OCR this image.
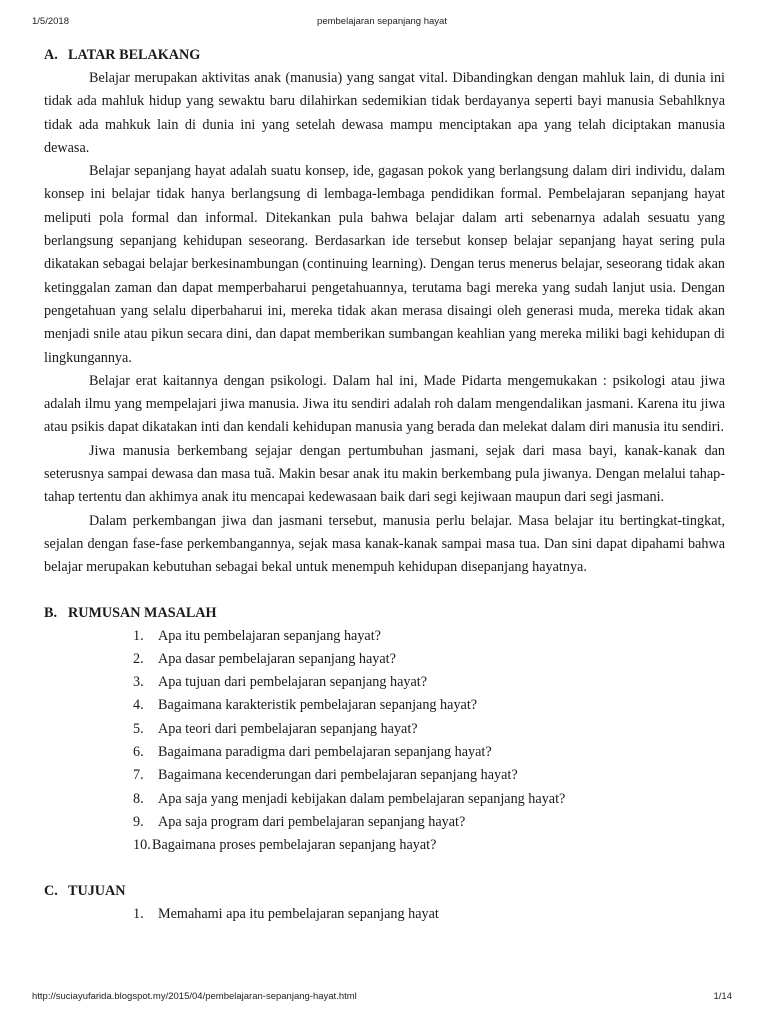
1/5/2018	pembelajaran sepanjang hayat
A. LATAR BELAKANG

Belajar merupakan aktivitas anak (manusia) yang sangat vital. Dibandingkan dengan mahluk lain, di dunia ini tidak ada mahluk hidup yang sewaktu baru dilahirkan sedemikian tidak berdayanya seperti bayi manusia Sebahlknya tidak ada mahkuk lain di dunia ini yang setelah dewasa mampu menciptakan apa yang telah diciptakan manusia dewasa.

Belajar sepanjang hayat adalah suatu konsep, ide, gagasan pokok yang berlangsung dalam diri individu, dalam konsep ini belajar tidak hanya berlangsung di lembaga-lembaga pendidikan formal. Pembelajaran sepanjang hayat meliputi pola formal dan informal. Ditekankan pula bahwa belajar dalam arti sebenarnya adalah sesuatu yang berlangsung sepanjang kehidupan seseorang. Berdasarkan ide tersebut konsep belajar sepanjang hayat sering pula dikatakan sebagai belajar berkesinambungan (continuing learning). Dengan terus menerus belajar, seseorang tidak akan ketinggalan zaman dan dapat memperbaharui pengetahuannya, terutama bagi mereka yang sudah lanjut usia. Dengan pengetahuan yang selalu diperbaharui ini, mereka tidak akan merasa disaingi oleh generasi muda, mereka tidak akan menjadi snile atau pikun secara dini, dan dapat memberikan sumbangan keahlian yang mereka miliki bagi kehidupan di lingkungannya.

Belajar erat kaitannya dengan psikologi. Dalam hal ini, Made Pidarta mengemukakan : psikologi atau jiwa adalah ilmu yang mempelajari jiwa manusia. Jiwa itu sendiri adalah roh dalam mengendalikan jasmani. Karena itu jiwa atau psikis dapat dikatakan inti dan kendali kehidupan manusia yang berada dan melekat dalam diri manusia itu sendiri.

Jiwa manusia berkembang sejajar dengan pertumbuhan jasmani, sejak dari masa bayi, kanak-kanak dan seterusnya sampai dewasa dan masa tuã. Makin besar anak itu makin berkembang pula jiwanya. Dengan melalui tahap-tahap tertentu dan akhimya anak itu mencapai kedewasaan baik dari segi kejiwaan maupun dari segi jasmani.

Dalam perkembangan jiwa dan jasmani tersebut, manusia perlu belajar. Masa belajar itu bertingkat-tingkat, sejalan dengan fase-fase perkembangannya, sejak masa kanak-kanak sampai masa tua. Dan sini dapat dipahami bahwa belajar merupakan kebutuhan sebagai bekal untuk menempuh kehidupan disepanjang hayatnya.

B. RUMUSAN MASALAH
1.	Apa itu pembelajaran sepanjang hayat?
2.	Apa dasar pembelajaran sepanjang hayat?
3.	Apa tujuan dari pembelajaran sepanjang hayat?
4.	Bagaimana karakteristik pembelajaran sepanjang hayat?
5.	Apa teori dari pembelajaran sepanjang hayat?
6.	Bagaimana paradigma dari pembelajaran sepanjang hayat?
7.	Bagaimana kecenderungan dari pembelajaran sepanjang hayat?
8.	Apa saja yang menjadi kebijakan dalam pembelajaran sepanjang hayat?
9.	Apa saja program dari pembelajaran sepanjang hayat?
10. Bagaimana proses pembelajaran sepanjang hayat?
C. TUJUAN
1.	Memahami apa itu pembelajaran sepanjang hayat
http://suciayufarida.blogspot.my/2015/04/pembelajaran-sepanjang-hayat.html	1/14
